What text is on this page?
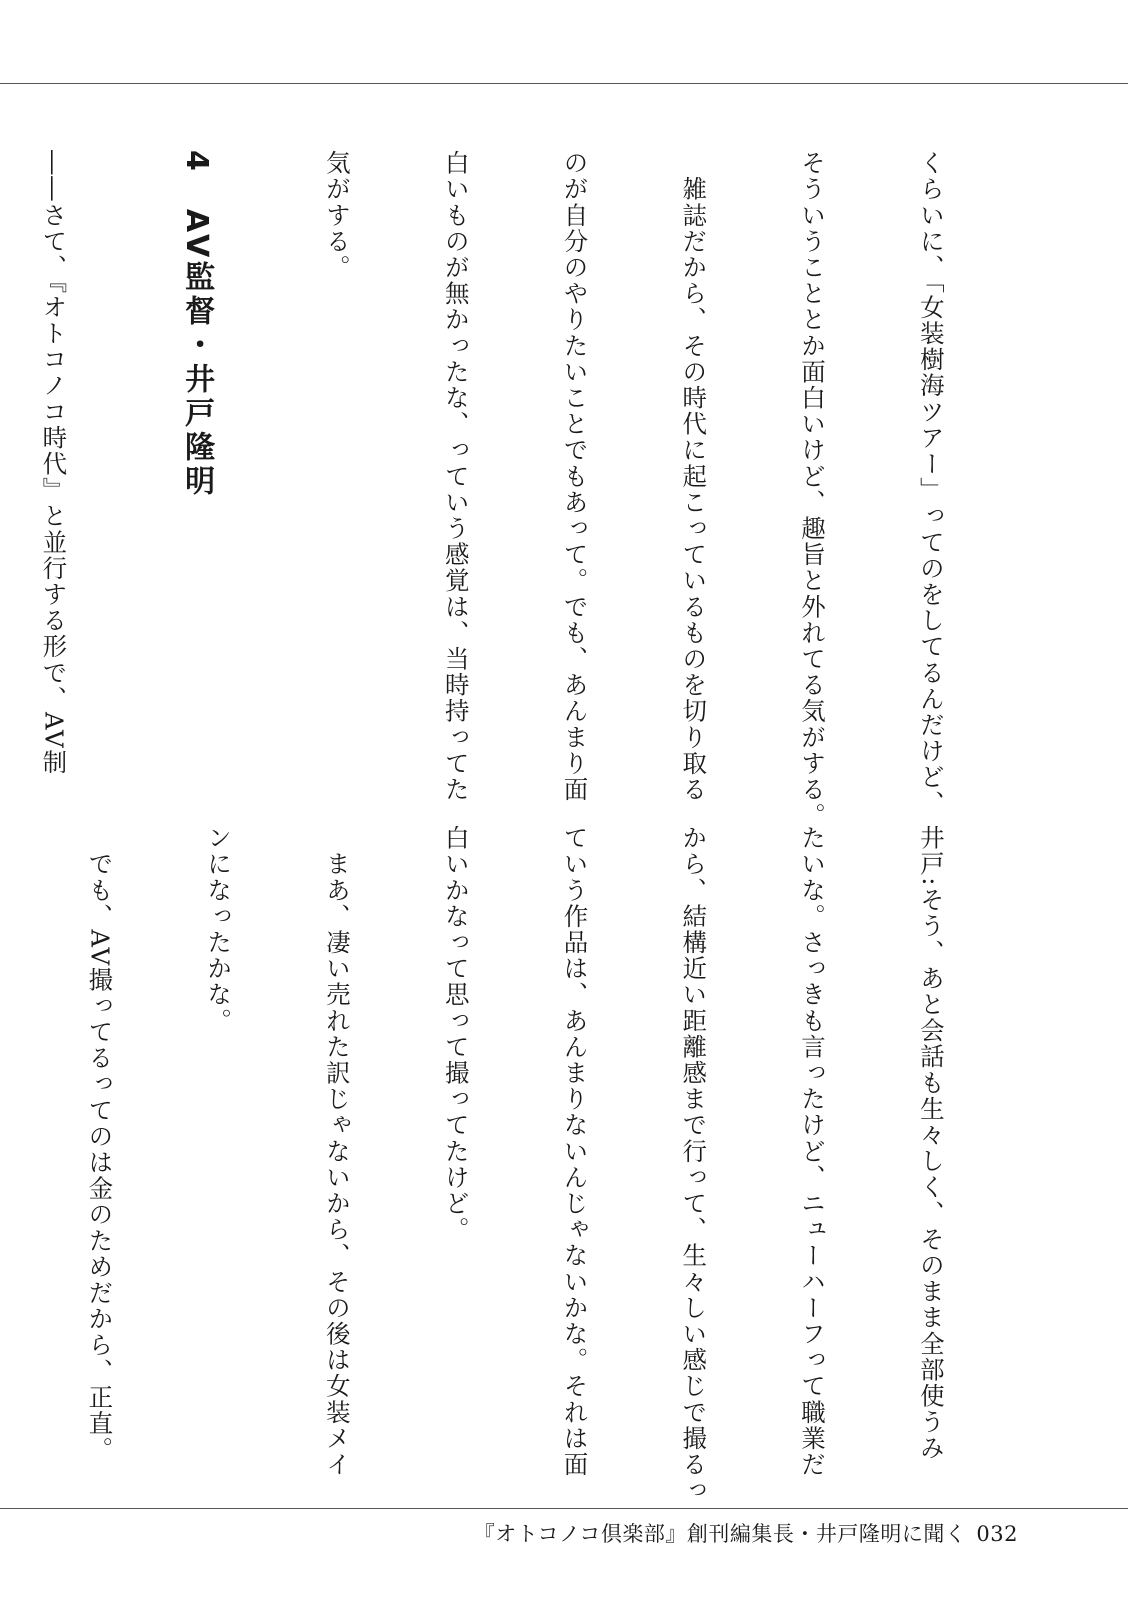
くらいに、「女装樹海ツアー」ってのをしてるんだけど、

そういうこととか面白いけど、趣旨と外れてる気がする。

　雑誌だから、その時代に起こっているものを切り取る

のが自分のやりたいことでもあって。でも、あんまり面

白いものが無かったな、っていう感覚は、当時持ってた

気がする。

4　AV監督・井戸隆明

――さて、『オトコノコ時代』と並行する形で、AV制

井戸:そう、あと会話も生々しく、そのまま全部使うみ

たいな。さっきも言ったけど、ニューハーフって職業だ

から、結構近い距離感まで行って、生々しい感じで撮るっ

ていう作品は、あんまりないんじゃないかな。それは面

白いかなって思って撮ってたけど。

　まあ、凄い売れた訳じゃないから、その後は女装メイ

ンになったかな。

　でも、AV撮ってるってのは金のためだから、正直。

『オトコノコ倶楽部』創刊編集長・井戸隆明に聞く 032
